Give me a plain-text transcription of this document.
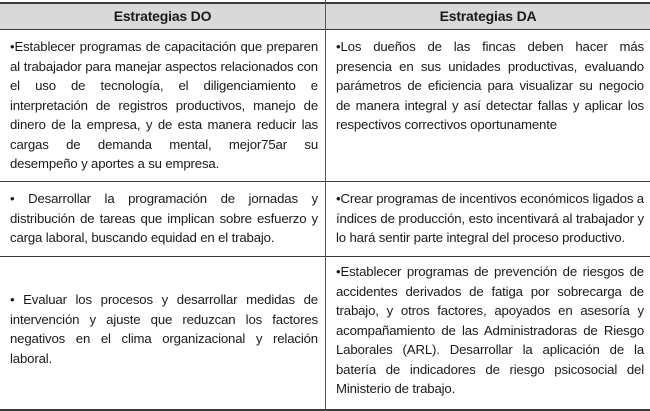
Estrategias DO	Estrategias DA
•Establecer programas de capacitación que preparen al trabajador para manejar aspectos relacionados con el uso de tecnología, el diligenciamiento e interpretación de registros productivos, manejo de dinero de la empresa, y de esta manera reducir las cargas de demanda mental, mejor75ar su desempeño y aportes a su empresa.
•Los dueños de las fincas deben hacer más presencia en sus unidades productivas, evaluando parámetros de eficiencia para visualizar su negocio de manera integral y así detectar fallas y aplicar los respectivos correctivos oportunamente
• Desarrollar la programación de jornadas y distribución de tareas que implican sobre esfuerzo y carga laboral, buscando equidad en el trabajo.
•Crear programas de incentivos económicos ligados a índices de producción, esto incentivará al trabajador y lo hará sentir parte integral del proceso productivo.
• Evaluar los procesos y desarrollar medidas de intervención y ajuste que reduzcan los factores negativos en el clima organizacional y relación laboral.
•Establecer programas de prevención de riesgos de accidentes derivados de fatiga por sobrecarga de trabajo, y otros factores, apoyados en asesoría y acompañamiento de las Administradoras de Riesgo Laborales (ARL). Desarrollar la aplicación de la batería de indicadores de riesgo psicosocial del Ministerio de trabajo.
